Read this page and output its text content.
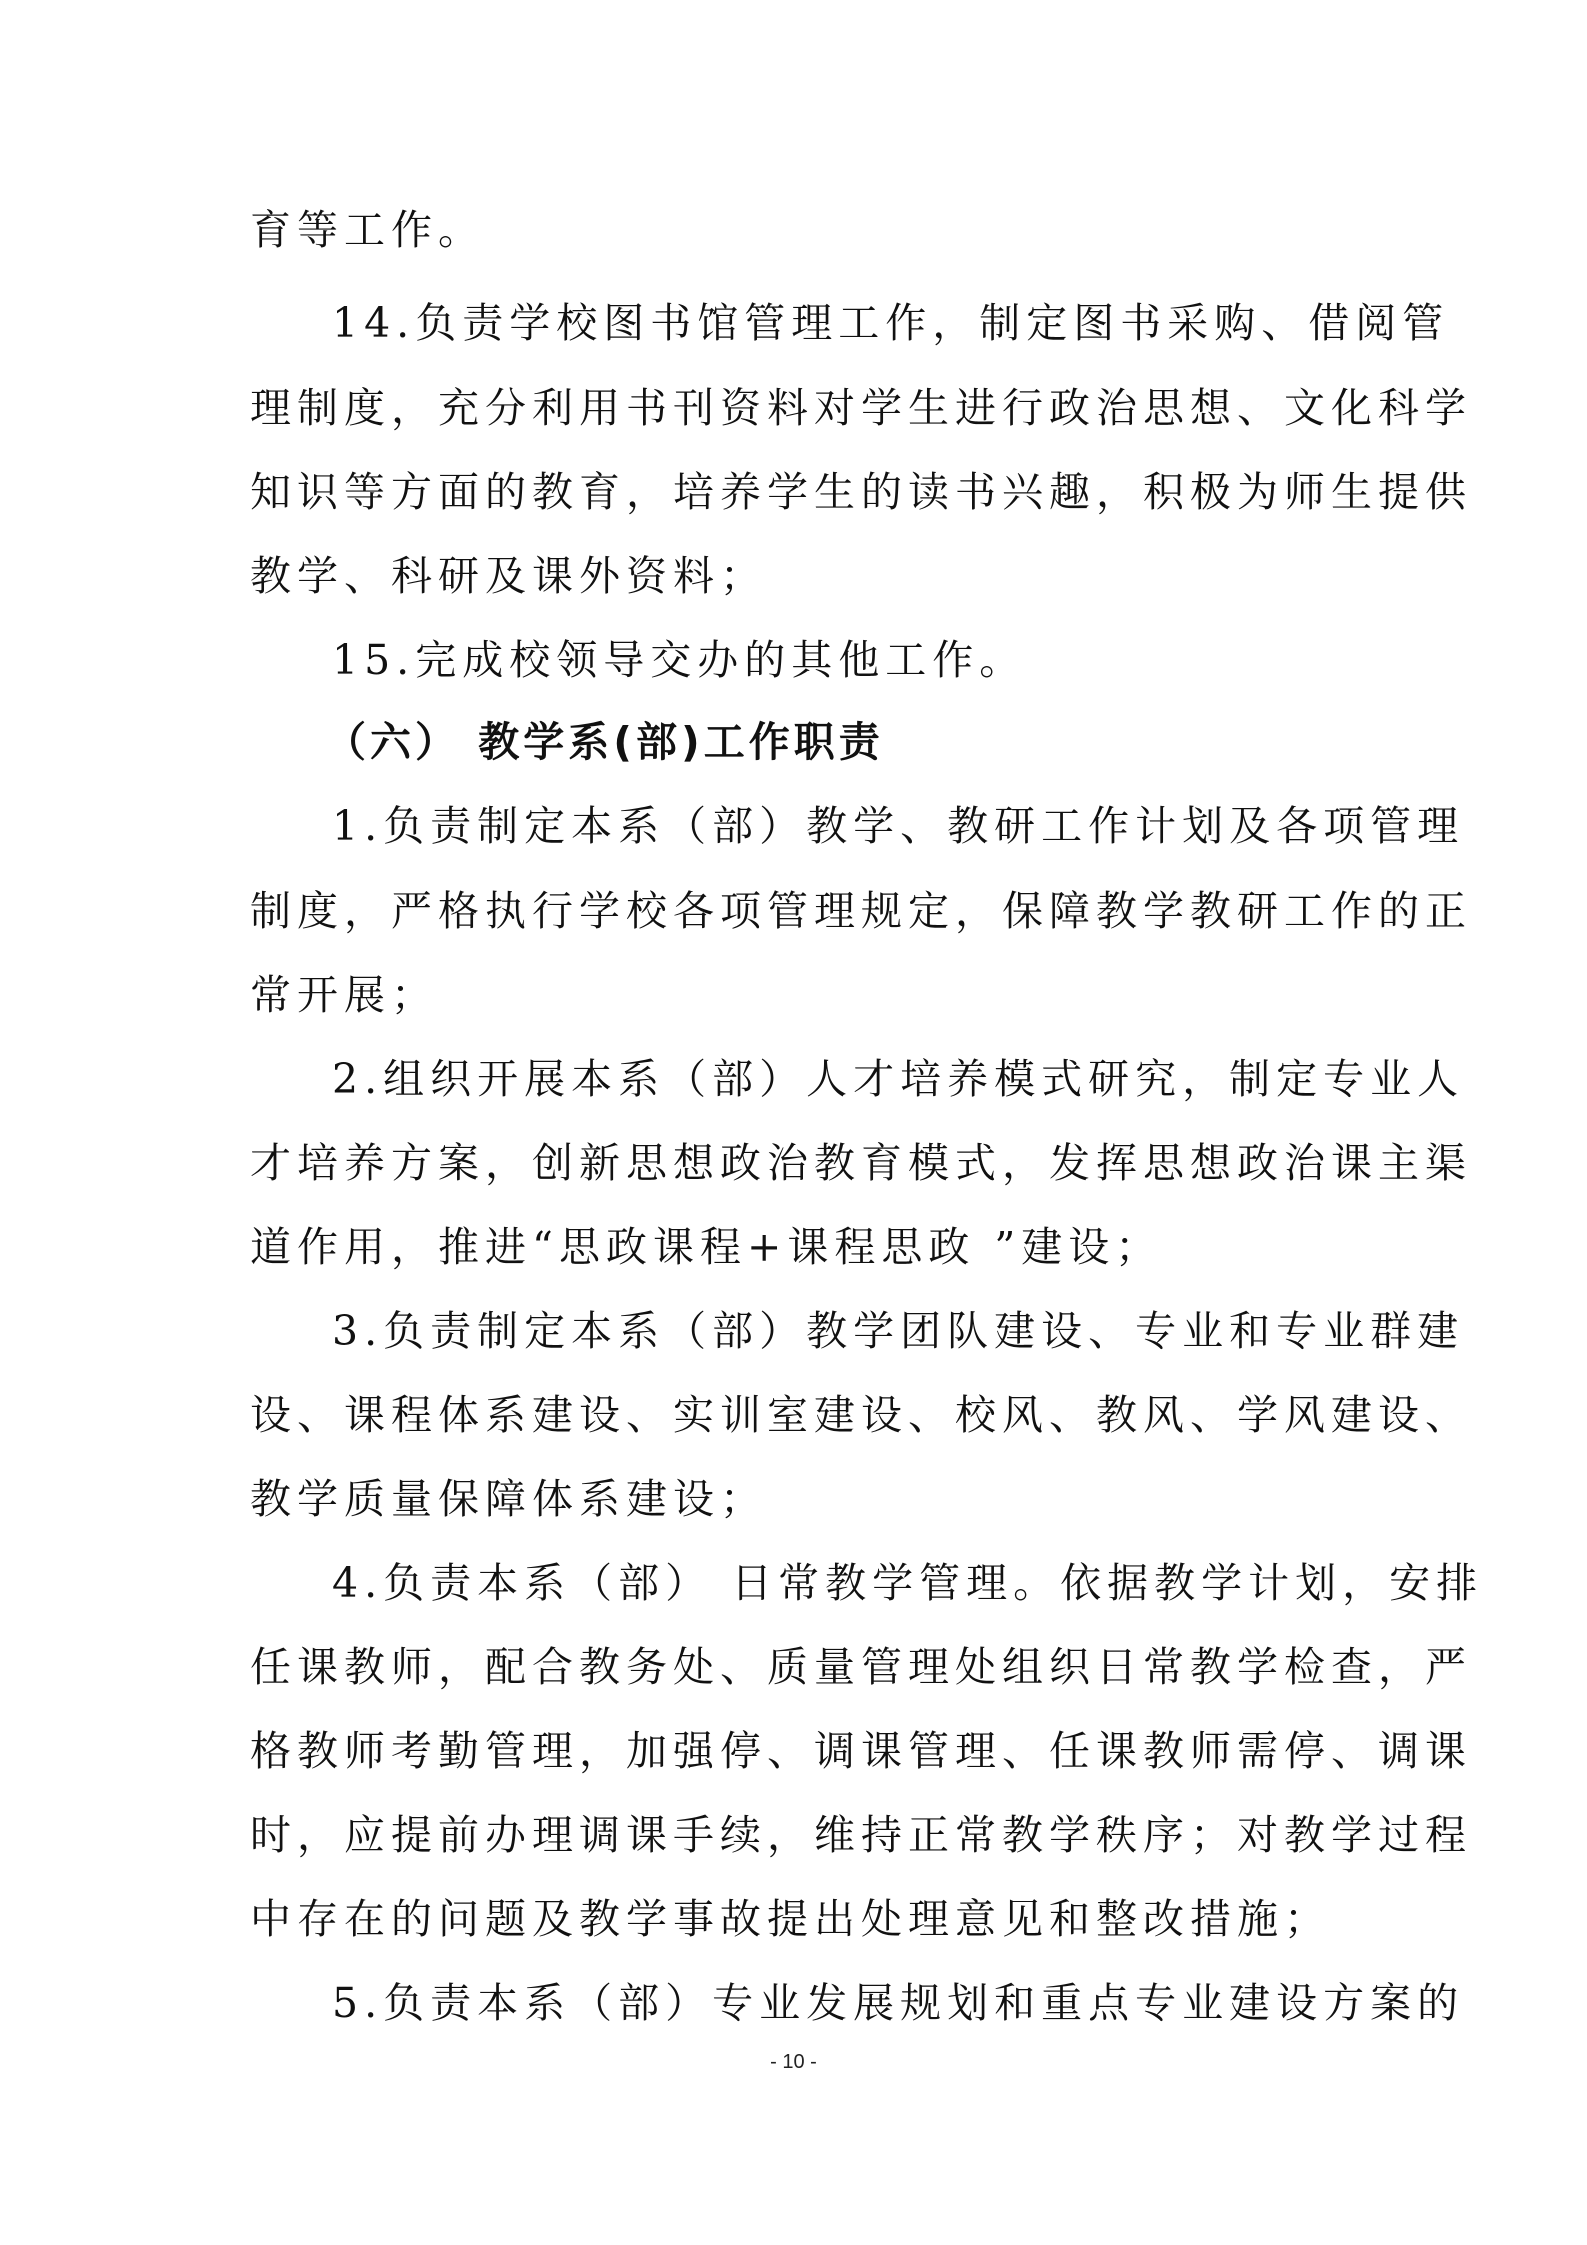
育等工作。

14.负责学校图书馆管理工作，制定图书采购、借阅管

理制度，充分利用书刊资料对学生进行政治思想、文化科学

知识等方面的教育，培养学生的读书兴趣，积极为师生提供

教学、科研及课外资料；

15.完成校领导交办的其他工作。

（六） 教学系(部)工作职责

1.负责制定本系（部）教学、教研工作计划及各项管理

制度，严格执行学校各项管理规定，保障教学教研工作的正

常开展；

2.组织开展本系（部）人才培养模式研究，制定专业人

才培养方案，创新思想政治教育模式，发挥思想政治课主渠

道作用，推进“思政课程+课程思政 ”建设；

3.负责制定本系（部）教学团队建设、专业和专业群建

设、课程体系建设、实训室建设、校风、教风、学风建设、

教学质量保障体系建设；

4.负责本系（部） 日常教学管理。依据教学计划，安排

任课教师，配合教务处、质量管理处组织日常教学检查，严

格教师考勤管理，加强停、调课管理、任课教师需停、调课

时，应提前办理调课手续，维持正常教学秩序；对教学过程

中存在的问题及教学事故提出处理意见和整改措施；

5.负责本系（部）专业发展规划和重点专业建设方案的

- 10 -
